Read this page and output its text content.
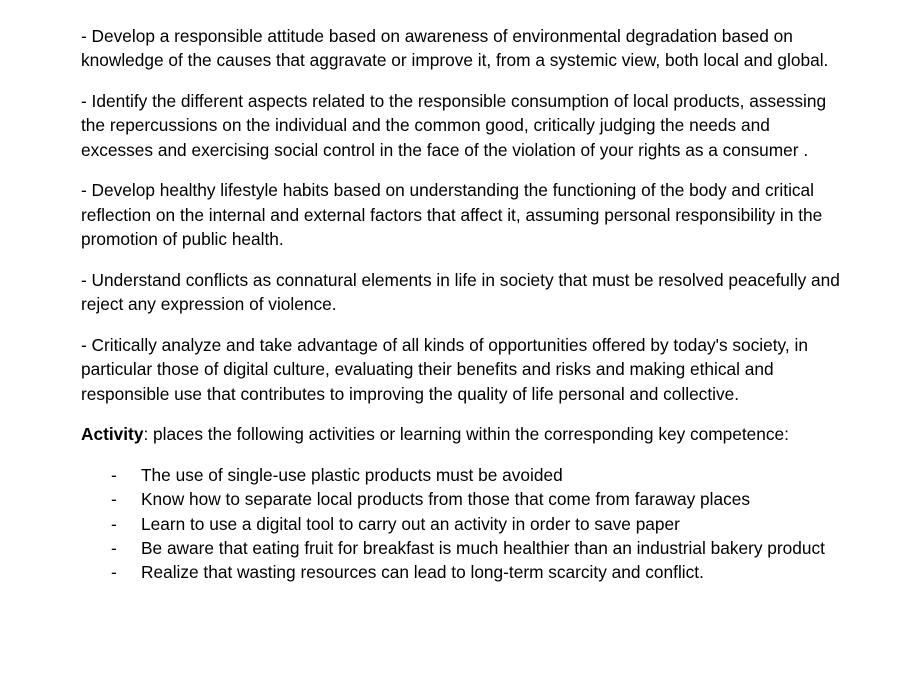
- Develop a responsible attitude based on awareness of environmental degradation based on knowledge of the causes that aggravate or improve it, from a systemic view, both local and global.

- Identify the different aspects related to the responsible consumption of local products, assessing the repercussions on the individual and the common good, critically judging the needs and excesses and exercising social control in the face of the violation of your rights as a consumer .

- Develop healthy lifestyle habits based on understanding the functioning of the body and critical reflection on the internal and external factors that affect it, assuming personal responsibility in the promotion of public health.

- Understand conflicts as connatural elements in life in society that must be resolved peacefully and reject any expression of violence.

- Critically analyze and take advantage of all kinds of opportunities offered by today's society, in particular those of digital culture, evaluating their benefits and risks and making ethical and responsible use that contributes to improving the quality of life personal and collective.

Activity: places the following activities or learning within the corresponding key competence:

- The use of single-use plastic products must be avoided
- Know how to separate local products from those that come from faraway places
- Learn to use a digital tool to carry out an activity in order to save paper
- Be aware that eating fruit for breakfast is much healthier than an industrial bakery product
- Realize that wasting resources can lead to long-term scarcity and conflict.
